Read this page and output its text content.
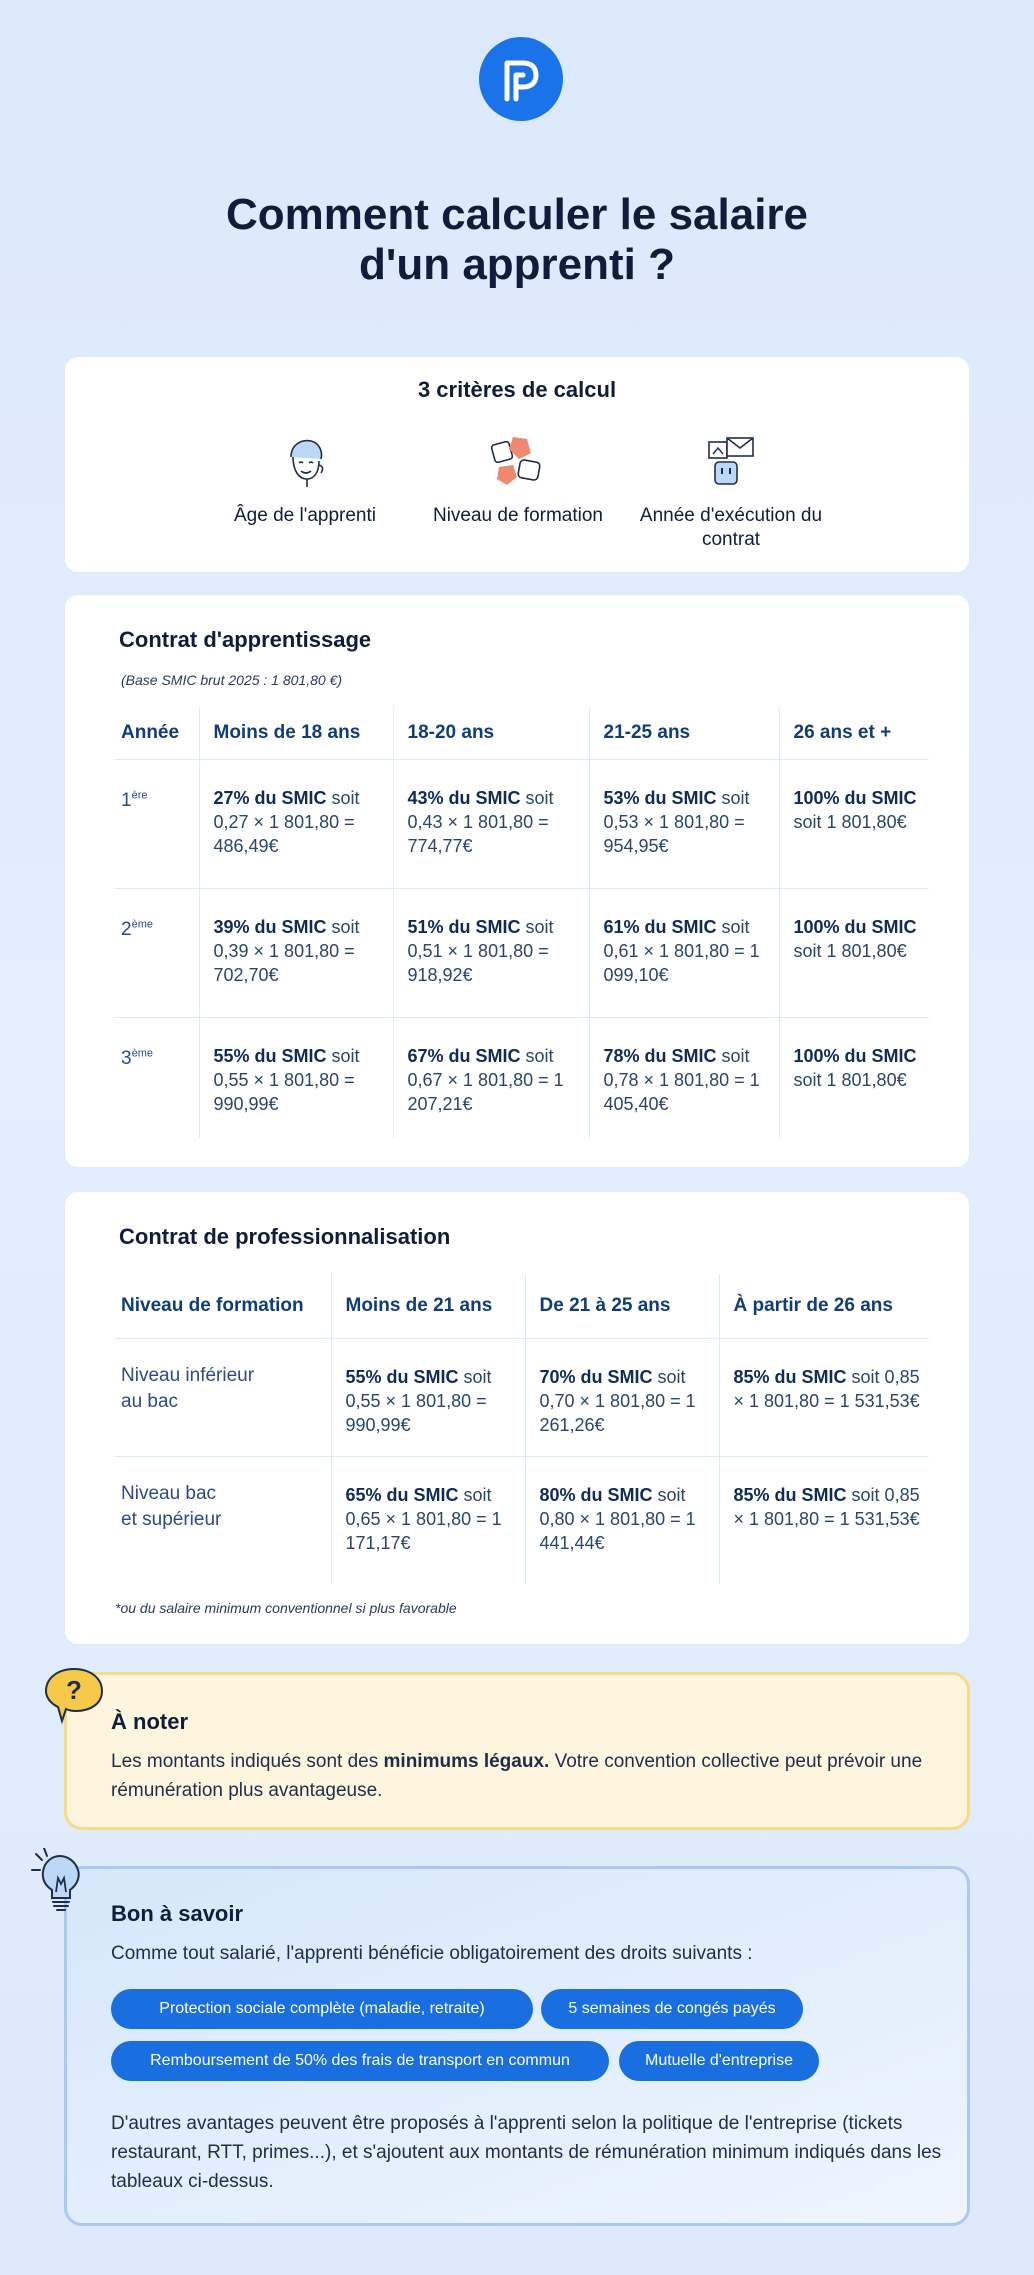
Comment calculer le salaire
d'un apprenti ?
3 critères de calcul
Âge de l'apprenti	Niveau de formation	Année d'exécution du contrat
Contrat d'apprentissage
(Base SMIC brut 2025 : 1 801,80 €)
Année	Moins de 18 ans	18-20 ans	21-25 ans	26 ans et +
1ère	27% du SMIC soit 0,27 × 1 801,80 = 486,49€	43% du SMIC soit 0,43 × 1 801,80 = 774,77€	53% du SMIC soit 0,53 × 1 801,80 = 954,95€	100% du SMIC soit 1 801,80€
2ème	39% du SMIC soit 0,39 × 1 801,80 = 702,70€	51% du SMIC soit 0,51 × 1 801,80 = 918,92€	61% du SMIC soit 0,61 × 1 801,80 = 1 099,10€	100% du SMIC soit 1 801,80€
3ème	55% du SMIC soit 0,55 × 1 801,80 = 990,99€	67% du SMIC soit 0,67 × 1 801,80 = 1 207,21€	78% du SMIC soit 0,78 × 1 801,80 = 1 405,40€	100% du SMIC soit 1 801,80€
Contrat de professionnalisation
Niveau de formation	Moins de 21 ans	De 21 à 25 ans	À partir de 26 ans

Niveau inférieur
au bac	55% du SMIC soit 0,55 × 1 801,80 = 990,99€	70% du SMIC soit 0,70 × 1 801,80 = 1 261,26€	85% du SMIC soit 0,85 × 1 801,80 = 1 531,53€

Niveau bac
et supérieur	65% du SMIC soit 0,65 × 1 801,80 = 1 171,17€	80% du SMIC soit 0,80 × 1 801,80 = 1 441,44€	85% du SMIC soit 0,85 × 1 801,80 = 1 531,53€
*ou du salaire minimum conventionnel si plus favorable
À noter
Les montants indiqués sont des minimums légaux. Votre convention collective peut prévoir une rémunération plus avantageuse.
?
Bon à savoir
Comme tout salarié, l'apprenti bénéficie obligatoirement des droits suivants :
Protection sociale complète (maladie, retraite)	5 semaines de congés payés
Remboursement de 50% des frais de transport en commun	Mutuelle d'entreprise
D'autres avantages peuvent être proposés à l'apprenti selon la politique de l'entreprise (tickets restaurant, RTT, primes...), et s'ajoutent aux montants de rémunération minimum indiqués dans les tableaux ci-dessus.
